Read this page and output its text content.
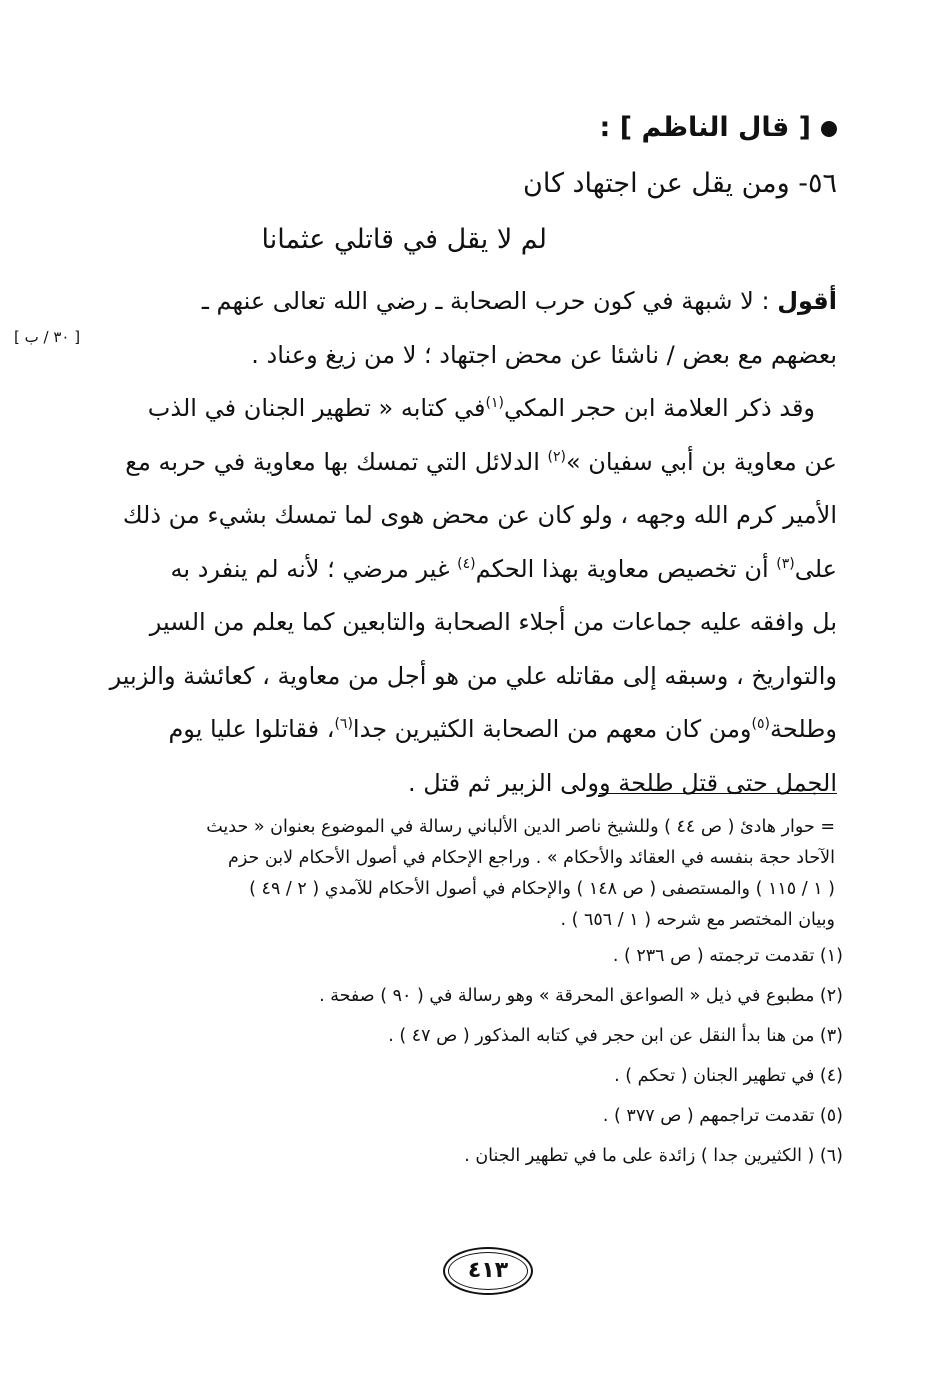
[ قال الناظم ] :
٥٦- ومن يقل عن اجتهاد كان
لم لا يقل في قاتلي عثمانا
[ ٣٠ / ب ]
أقول : لا شبهة في كون حرب الصحابة ـ رضي الله تعالى عنهم ـ
بعضهم مع بعض / ناشئا عن محض اجتهاد ؛ لا من زيغ وعناد .
وقد ذكر العلامة ابن حجر المكي$^{(١)}$في كتابه « تطهير الجنان في الذب
عن معاوية بن أبي سفيان »$^{(٢)}$ الدلائل التي تمسك بها معاوية في حربه مع
الأمير كرم الله وجهه ، ولو كان عن محض هوى لما تمسك بشيء من ذلك
على$^{(٣)}$ أن تخصيص معاوية بهذا الحكم$^{(٤)}$ غير مرضي ؛ لأنه لم ينفرد به
بل وافقه عليه جماعات من أجلاء الصحابة والتابعين كما يعلم من السير
والتواريخ ، وسبقه إلى مقاتله علي من هو أجل من معاوية ، كعائشة والزبير
وطلحة$^{(٥)}$ومن كان معهم من الصحابة الكثيرين جدا$^{(٦)}$، فقاتلوا عليا يوم
الجمل حتى قتل طلحة وولى الزبير ثم قتل .
= حوار هادئ ( ص ٤٤ ) وللشيخ ناصر الدين الألباني رسالة في الموضوع بعنوان « حديث
الآحاد حجة بنفسه في العقائد والأحكام » . وراجع الإحكام في أصول الأحكام لابن حزم
( ١ / ١١٥ ) والمستصفى ( ص ١٤٨ ) والإحكام في أصول الأحكام للآمدي ( ٢ / ٤٩ )
وبيان المختصر مع شرحه ( ١ / ٦٥٦ ) .
(١) تقدمت ترجمته ( ص ٢٣٦ ) .
(٢) مطبوع في ذيل « الصواعق المحرقة » وهو رسالة في ( ٩٠ ) صفحة .
(٣) من هنا بدأ النقل عن ابن حجر في كتابه المذكور ( ص ٤٧ ) .
(٤) في تطهير الجنان ( تحكم ) .
(٥) تقدمت تراجمهم ( ص ٣٧٧ ) .
(٦) ( الكثيرين جدا ) زائدة على ما في تطهير الجنان .
٤١٣
